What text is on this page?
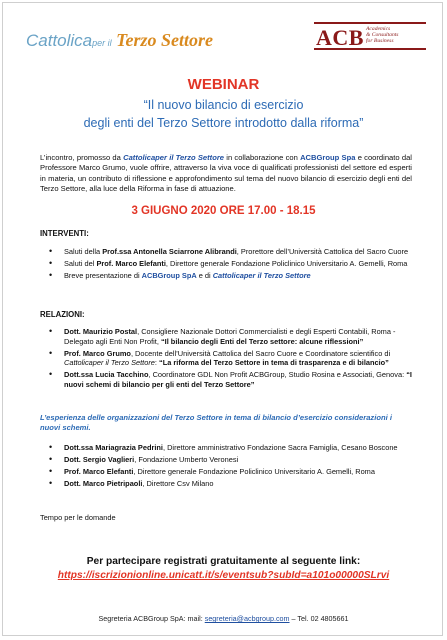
Cattolicaper il Terzo Settore	ACB Academics
& Consultants
for Business
WEBINAR
“Il nuovo bilancio di esercizio
degli enti del Terzo Settore introdotto dalla riforma”
L’incontro, promosso da Cattolicaper il Terzo Settore in collaborazione con ACBGroup Spa e coordinato dal Professore Marco Grumo, vuole offrire, attraverso la viva voce di qualificati professionisti del settore ed esperti in materia, un contributo di riflessione e approfondimento sul tema del nuovo bilancio di esercizio degli enti del Terzo Settore, alla luce della Riforma in fase di attuazione.
3 GIUGNO 2020 ORE 17.00 - 18.15
INTERVENTI:
• Saluti della Prof.ssa Antonella Sciarrone Alibrandi, Prorettore dell’Università Cattolica del Sacro Cuore
• Saluti del Prof. Marco Elefanti, Direttore generale Fondazione Policlinico Universitario A. Gemelli, Roma
• Breve presentazione di ACBGroup SpA e di Cattolicaper il Terzo Settore
RELAZIONI:
• Dott. Maurizio Postal, Consigliere Nazionale Dottori Commercialisti e degli Esperti Contabili, Roma - Delegato agli Enti Non Profit, “Il bilancio degli Enti del Terzo settore: alcune riflessioni”
• Prof. Marco Grumo, Docente dell’Università Cattolica del Sacro Cuore e Coordinatore scientifico di Cattolicaper il Terzo Settore: “La riforma del Terzo Settore in tema di trasparenza e di bilancio”
• Dott.ssa Lucia Tacchino, Coordinatore GDL Non Profit ACBGroup, Studio Rosina e Associati, Genova: “I nuovi schemi di bilancio per gli enti del Terzo Settore”
L’esperienza delle organizzazioni del Terzo Settore in tema di bilancio d’esercizio considerazioni i nuovi schemi.
• Dott.ssa Mariagrazia Pedrini, Direttore amministrativo Fondazione Sacra Famiglia, Cesano Boscone
• Dott. Sergio Vaglieri, Fondazione Umberto Veronesi
• Prof. Marco Elefanti, Direttore generale Fondazione Policlinico Universitario A. Gemelli, Roma
• Dott. Marco Pietripaoli, Direttore Csv Milano
Tempo per le domande
Per partecipare registrati gratuitamente al seguente link:
https://iscrizionionline.unicatt.it/s/eventsub?subId=a101o00000SLrvi
Segreteria ACBGroup SpA: mail: segreteria@acbgroup.com – Tel. 02 4805661
